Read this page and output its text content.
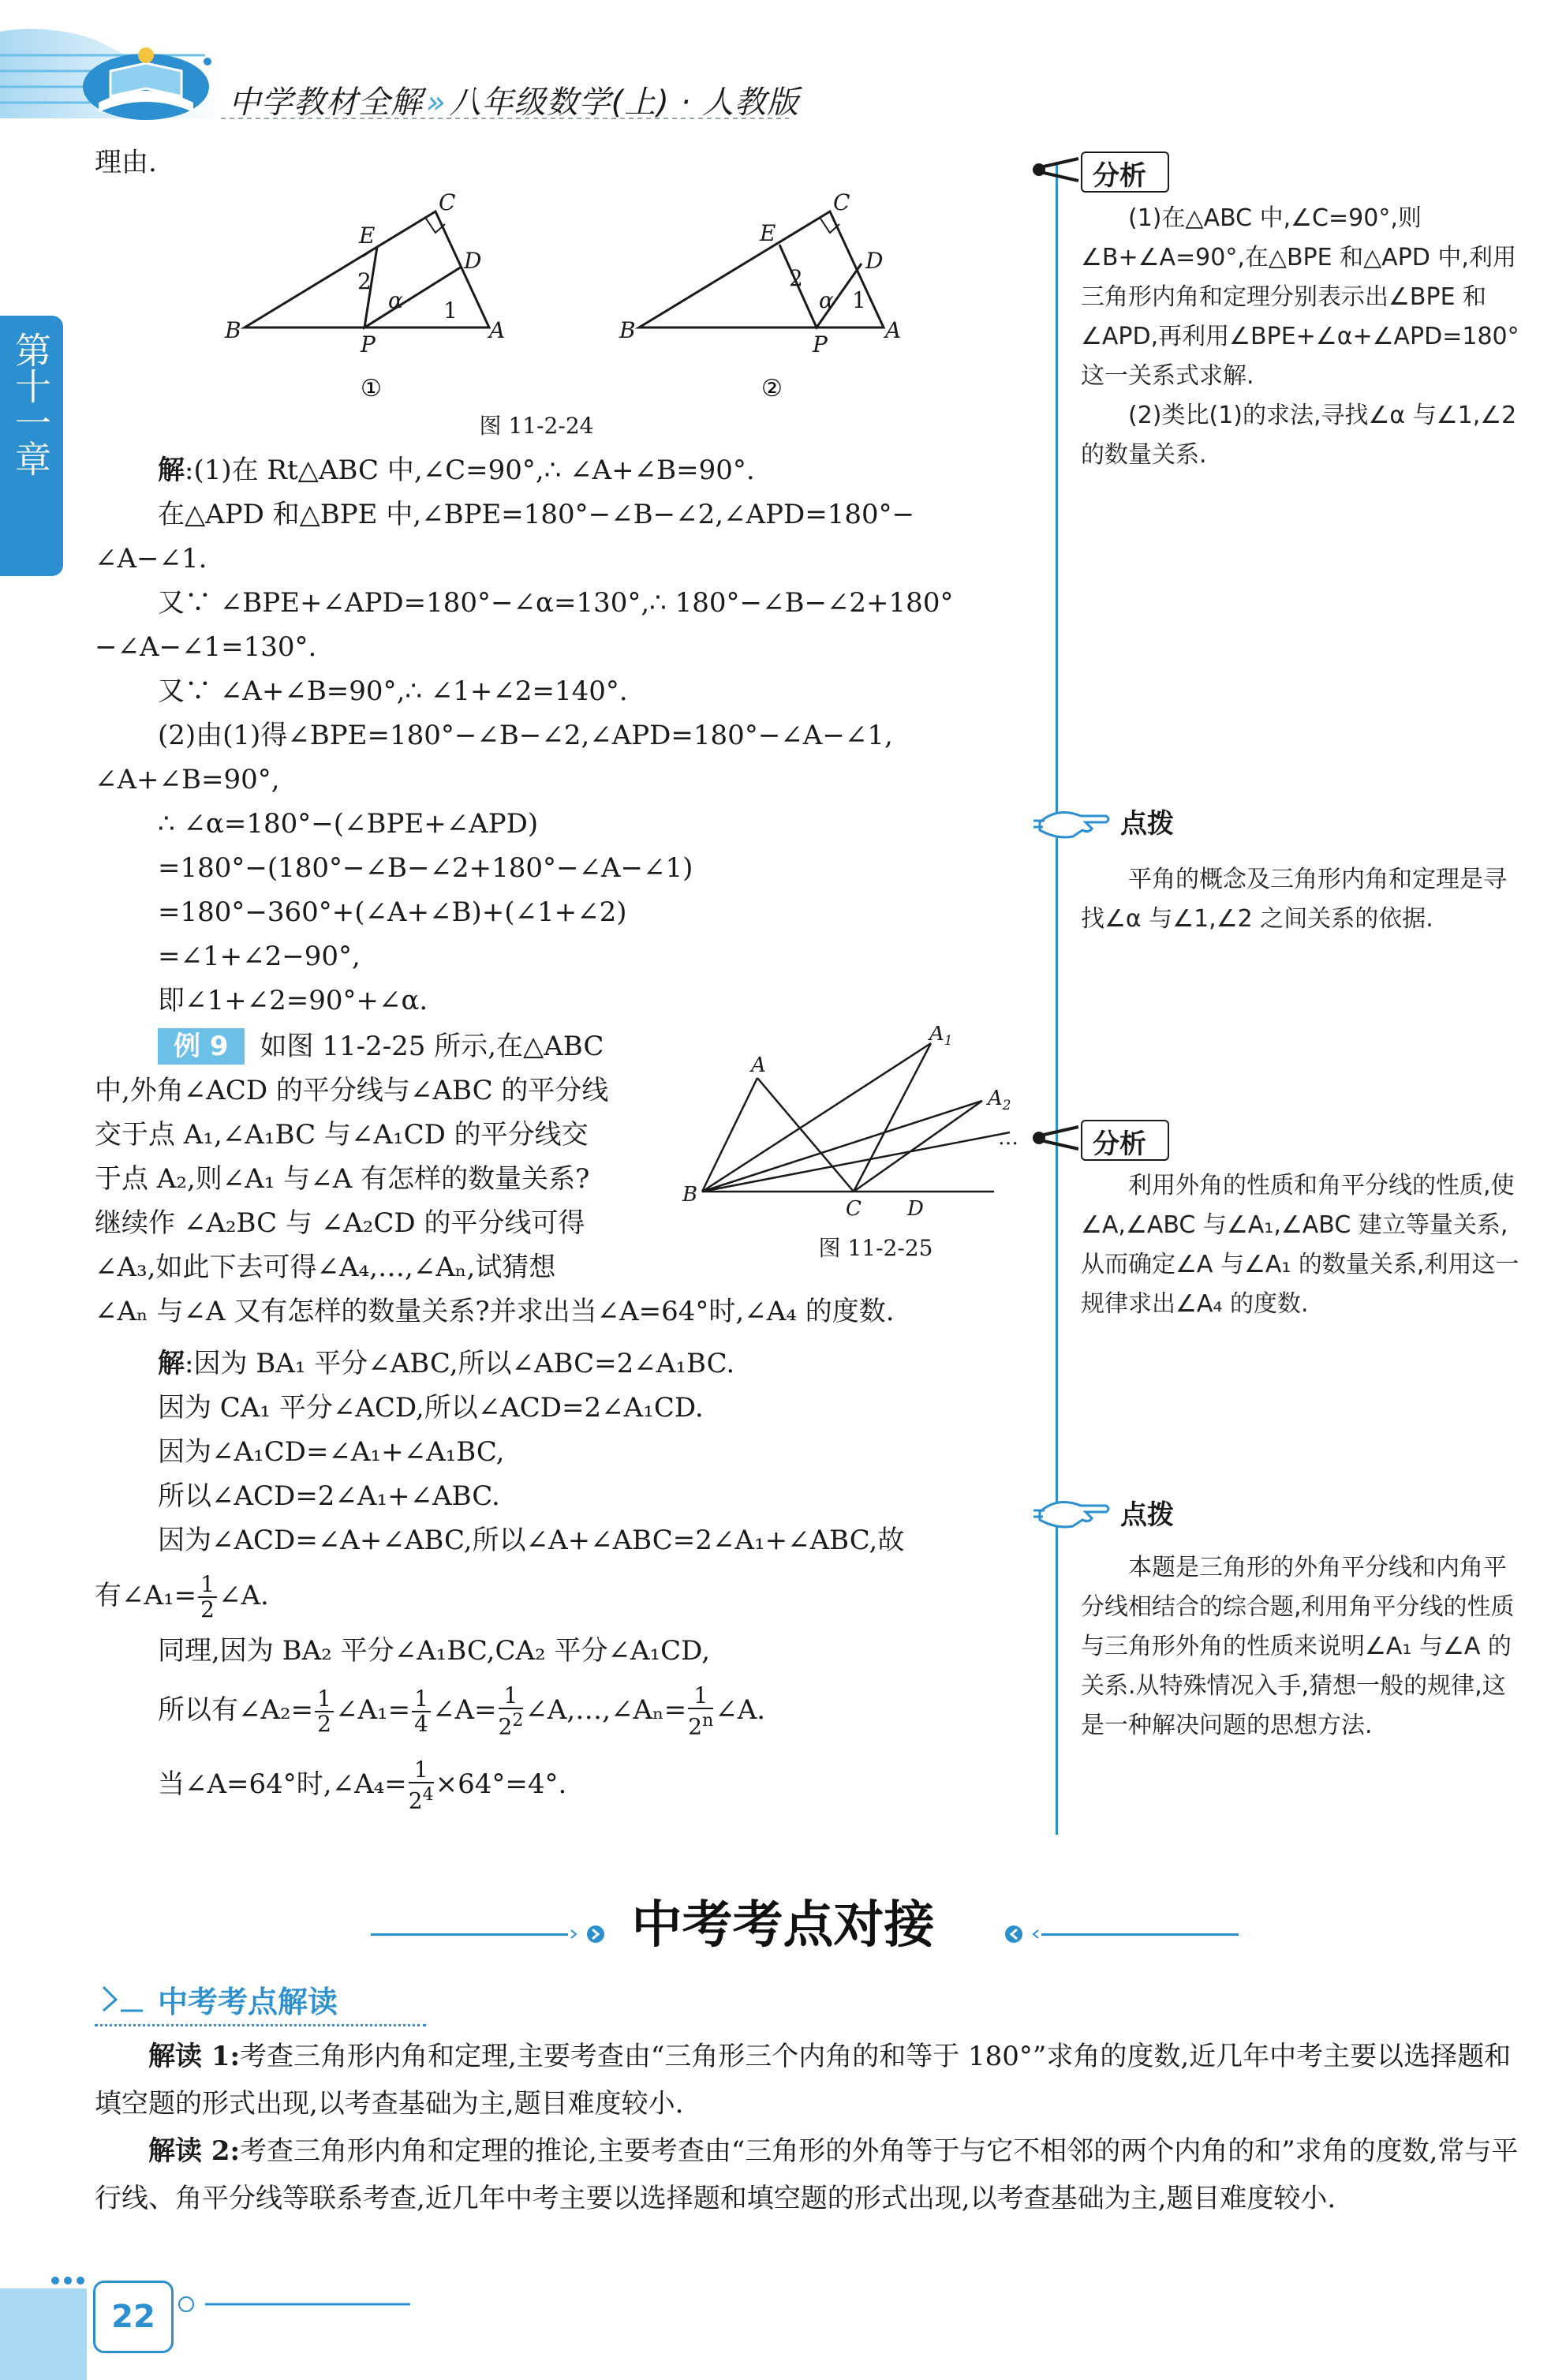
中学教材全解 » 八年级数学(上) · 人教版
第十一章

理由.

B
C
E
D
A
P
2
α 1
B
C
E
D
A
P
2
α 1
①	②
图 11-2-24

解:(1)在 Rt△ABC 中,∠C=90°,∴ ∠A+∠B=90°.

在△APD 和△BPE 中,∠BPE=180°−∠B−∠2,∠APD=180°−

∠A−∠1.

又∵ ∠BPE+∠APD=180°−∠α=130°,∴ 180°−∠B−∠2+180°

−∠A−∠1=130°.

又∵ ∠A+∠B=90°,∴ ∠1+∠2=140°.

(2)由(1)得∠BPE=180°−∠B−∠2,∠APD=180°−∠A−∠1,

∠A+∠B=90°,

∴ ∠α=180°−(∠BPE+∠APD)

=180°−(180°−∠B−∠2+180°−∠A−∠1)

=180°−360°+(∠A+∠B)+(∠1+∠2)

=∠1+∠2−90°,

即∠1+∠2=90°+∠α.

例 9 如图 11-2-25 所示,在△ABC

中,外角∠ACD 的平分线与∠ABC 的平分线

交于点 A₁,∠A₁BC 与∠A₁CD 的平分线交

于点 A₂,则∠A₁ 与∠A 有怎样的数量关系?

继续作 ∠A₂BC 与 ∠A₂CD 的平分线可得

∠A₃,如此下去可得∠A₄,…,∠Aₙ,试猜想

∠Aₙ 与∠A 又有怎样的数量关系?并求出当∠A=64°时,∠A₄ 的度数.

A
$A_1$
$A_2$
B
C D
…
图 11-2-25

解:因为 BA₁ 平分∠ABC,所以∠ABC=2∠A₁BC.

因为 CA₁ 平分∠ACD,所以∠ACD=2∠A₁CD.

因为∠A₁CD=∠A₁+∠A₁BC,

所以∠ACD=2∠A₁+∠ABC.

因为∠ACD=∠A+∠ABC,所以∠A+∠ABC=2∠A₁+∠ABC,故

有∠A₁= $\frac{1}{2}$ ∠A.

同理,因为 BA₂ 平分∠A₁BC,CA₂ 平分∠A₁CD,

所以有∠A₂= $\frac{1}{2}$ ∠A₁= $\frac{1}{4}$ ∠A= $\frac{1}{2^2}$ ∠A,…,∠Aₙ= $\frac{1}{2^n}$ ∠A.

当∠A=64°时,∠A₄= $\frac{1}{2^4} \times 64^\circ=4^\circ$.

分析

(1)在△ABC 中,∠C=90°,则∠B+∠A=90°,在△BPE 和△APD 中,利用三角形内角和定理分别表示出∠BPE 和∠APD,再利用∠BPE+∠α+∠APD=180°这一关系式求解.

(2)类比(1)的求法,寻找∠α 与∠1,∠2 的数量关系.

点拨

平角的概念及三角形内角和定理是寻找∠α 与∠1,∠2 之间关系的依据.

分析

利用外角的性质和角平分线的性质,使∠A,∠ABC 与∠A₁,∠ABC 建立等量关系,从而确定∠A 与∠A₁ 的数量关系,利用这一规律求出∠A₄ 的度数.

点拨

本题是三角形的外角平分线和内角平分线相结合的综合题,利用角平分线的性质与三角形外角的性质来说明∠A₁ 与∠A 的关系.从特殊情况入手,猜想一般的规律,这是一种解决问题的思想方法.

中考考点对接
中考考点解读

解读 1:考查三角形内角和定理,主要考查由“三角形三个内角的和等于 180°”求角的度数,近几年中考主要以选择题和填空题的形式出现,以考查基础为主,题目难度较小.

解读 2:考查三角形内角和定理的推论,主要考查由“三角形的外角等于与它不相邻的两个内角的和”求角的度数,常与平行线、角平分线等联系考查,近几年中考主要以选择题和填空题的形式出现,以考查基础为主,题目难度较小.

22
